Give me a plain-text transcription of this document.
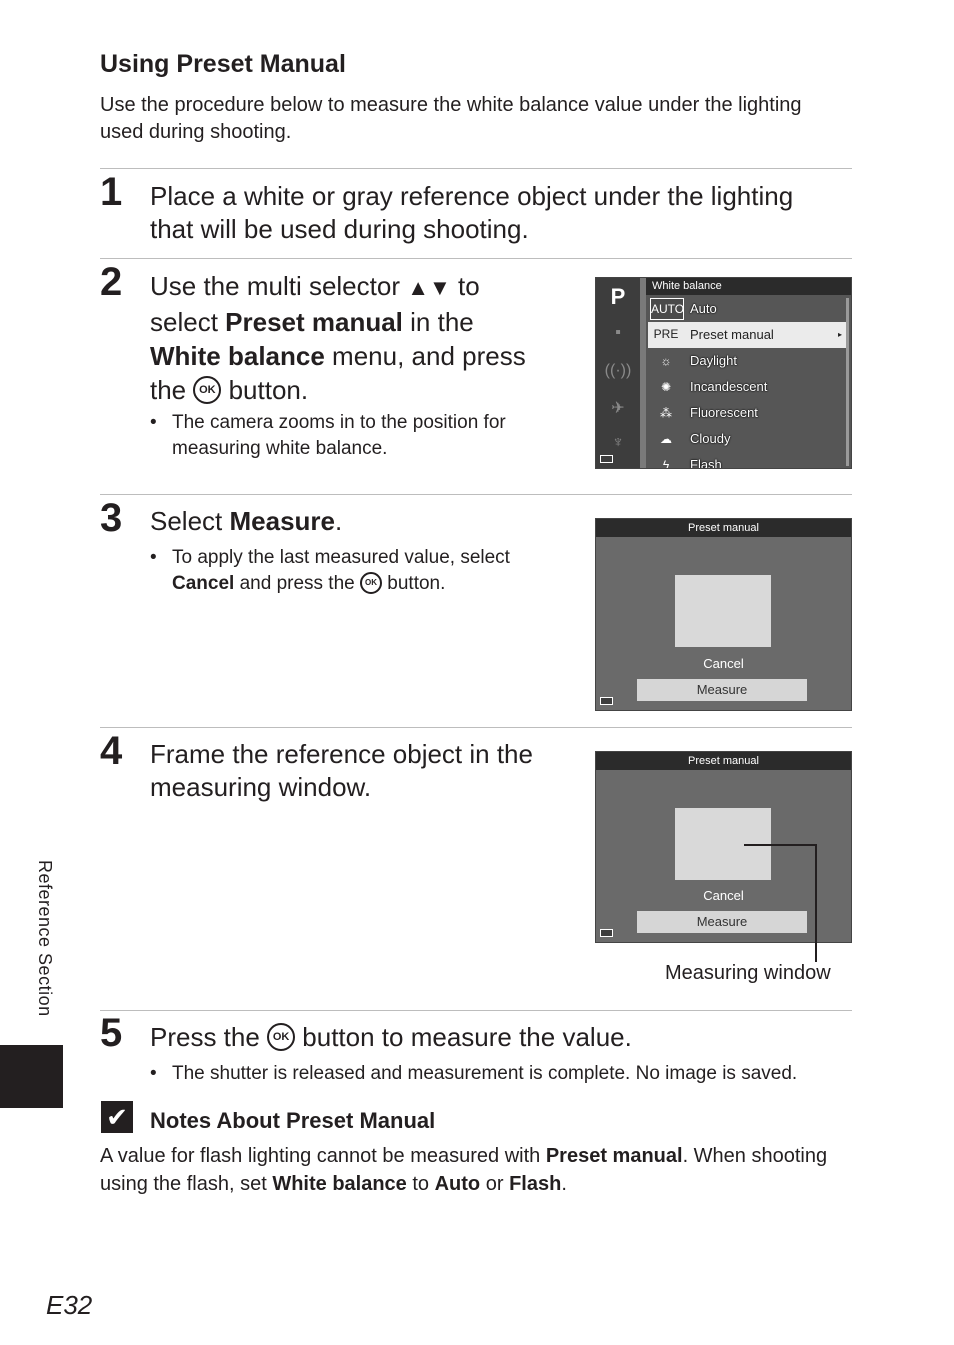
Using Preset Manual
Use the procedure below to measure the white balance value under the lighting used during shooting.
1 Place a white or gray reference object under the lighting
that will be used during shooting.
2 Use the multi selector ▲▼ to
select Preset manual in the
White balance menu, and press
the OK button.
• The camera zooms in to the position for
measuring white balance.
P
▪
((·))
✈
♆
White balance
AUTO Auto
PRE Preset manual	▸
☼	Daylight
✺	Incandescent
⁂	Fluorescent
☁	Cloudy
ϟ	Flash
3 Select Measure.
• To apply the last measured value, select
Cancel and press the OK button.
Preset manual
Cancel
Measure
4 Frame the reference object in the
measuring window.
Preset manual
Cancel
Measure
Measuring window
5 Press the OK button to measure the value.
• The shutter is released and measurement is complete. No image is saved.
✔ Notes About Preset Manual
A value for flash lighting cannot be measured with Preset manual. When shooting
using the flash, set White balance to Auto or Flash.
Reference Section
E32
